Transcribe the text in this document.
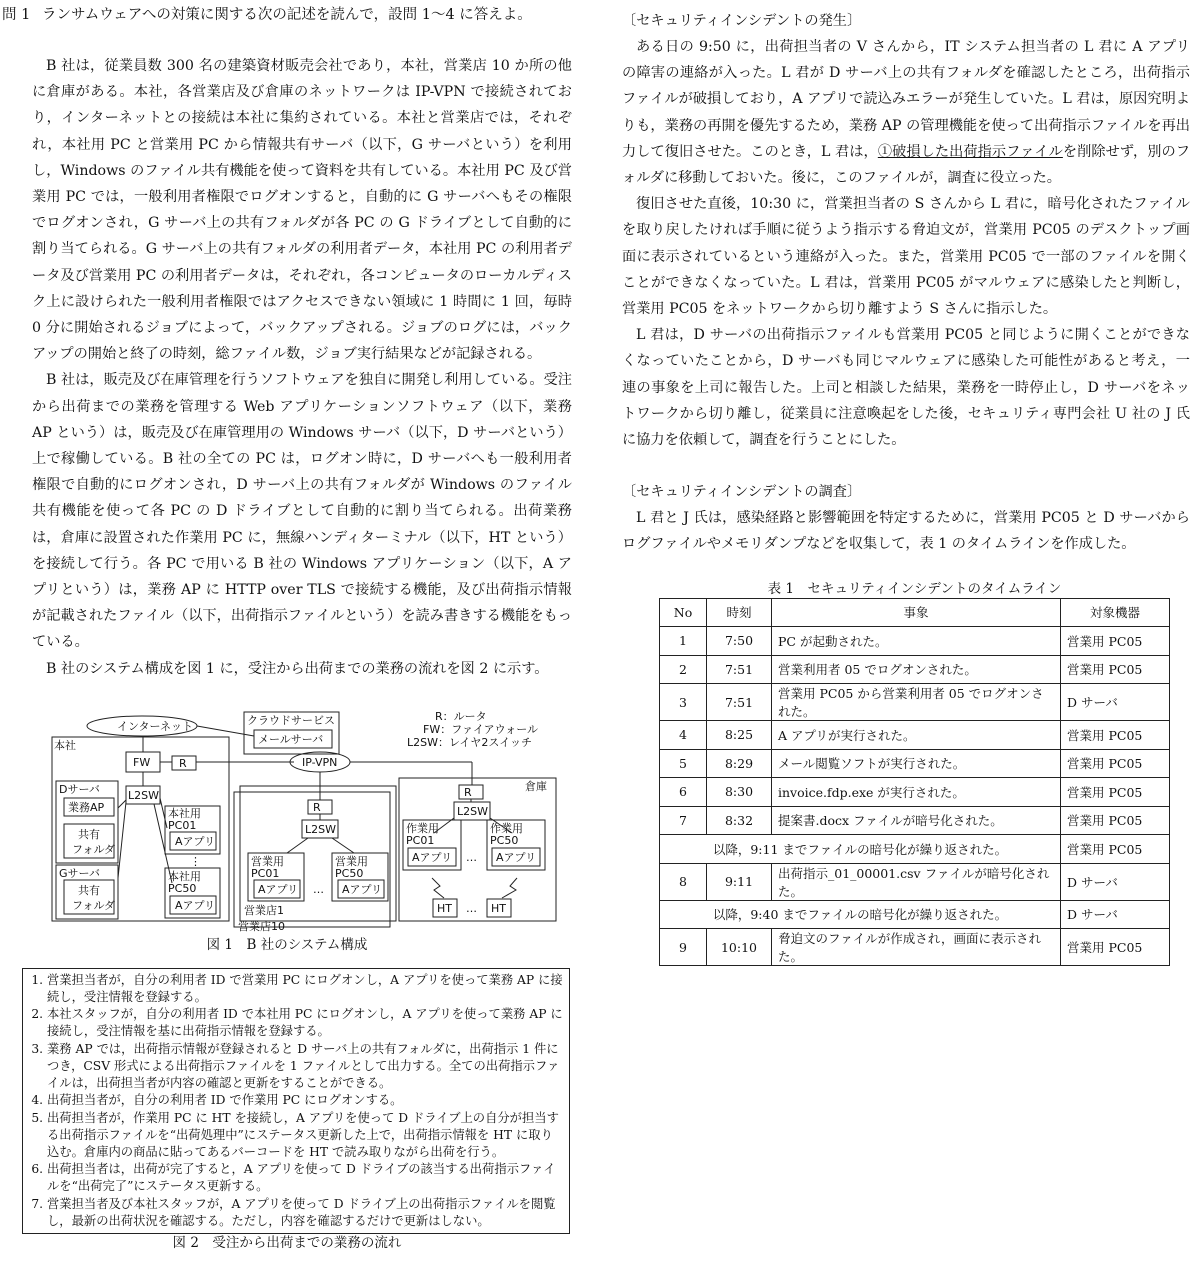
問 1 ランサムウェアへの対策に関する次の記述を読んで，設問 1〜4 に答えよ。

B 社は，従業員数 300 名の建築資材販売会社であり，本社，営業店 10 か所の他に倉庫がある。本社，各営業店及び倉庫のネットワークは IP-VPN で接続されており，インターネットとの接続は本社に集約されている。本社と営業店では，それぞれ，本社用 PC と営業用 PC から情報共有サーバ（以下，G サーバという）を利用し，Windows のファイル共有機能を使って資料を共有している。本社用 PC 及び営業用 PC では，一般利用者権限でログオンすると，自動的に G サーバへもその権限でログオンされ，G サーバ上の共有フォルダが各 PC の G ドライブとして自動的に割り当てられる。G サーバ上の共有フォルダの利用者データ，本社用 PC の利用者データ及び営業用 PC の利用者データは，それぞれ，各コンピュータのローカルディスク上に設けられた一般利用者権限ではアクセスできない領域に 1 時間に 1 回，毎時 0 分に開始されるジョブによって，バックアップされる。ジョブのログには，バックアップの開始と終了の時刻，総ファイル数，ジョブ実行結果などが記録される。

B 社は，販売及び在庫管理を行うソフトウェアを独自に開発し利用している。受注から出荷までの業務を管理する Web アプリケーションソフトウェア（以下，業務 AP という）は，販売及び在庫管理用の Windows サーバ（以下，D サーバという）上で稼働している。B 社の全ての PC は，ログオン時に，D サーバへも一般利用者権限で自動的にログオンされ，D サーバ上の共有フォルダが Windows のファイル共有機能を使って各 PC の D ドライブとして自動的に割り当てられる。出荷業務は，倉庫に設置された作業用 PC に，無線ハンディターミナル（以下，HT という）を接続して行う。各 PC で用いる B 社の Windows アプリケーション（以下，A アプリという）は，業務 AP に HTTP over TLS で接続する機能，及び出荷指示情報が記載されたファイル（以下，出荷指示ファイルという）を読み書きする機能をもっている。

B 社のシステム構成を図 1 に，受注から出荷までの業務の流れを図 2 に示す。

インターネット	クラウドサービス
メールサーバ
R：ルータ
FW：ファイアウォール
L2SW：レイヤ2スイッチ
本社
FW	R	IP-VPN
L2SW
Dサーバ
業務AP
共有
フォルダ
Gサーバ
共有
フォルダ
本社用
PC01
Aアプリ
⋮
本社用
PC50
Aアプリ
R
L2SW
営業用
PC01
Aアプリ …
営業用
PC50
Aアプリ
営業店1
営業店10
倉庫
R
L2SW
作業用
PC01
Aアプリ …
作業用
PC50
Aアプリ
HT … HT
図 1　B 社のシステム構成
1. 営業担当者が，自分の利用者 ID で営業用 PC にログオンし，A アプリを使って業務 AP に接続し，受注情報を登録する。
2. 本社スタッフが，自分の利用者 ID で本社用 PC にログオンし，A アプリを使って業務 AP に接続し，受注情報を基に出荷指示情報を登録する。
3. 業務 AP では，出荷指示情報が登録されると D サーバ上の共有フォルダに，出荷指示 1 件につき，CSV 形式による出荷指示ファイルを 1 ファイルとして出力する。全ての出荷指示ファイルは，出荷担当者が内容の確認と更新をすることができる。
4. 出荷担当者が，自分の利用者 ID で作業用 PC にログオンする。
5. 出荷担当者が，作業用 PC に HT を接続し，A アプリを使って D ドライブ上の自分が担当する出荷指示ファイルを“出荷処理中”にステータス更新した上で，出荷指示情報を HT に取り込む。倉庫内の商品に貼ってあるバーコードを HT で読み取りながら出荷を行う。
6. 出荷担当者は，出荷が完了すると，A アプリを使って D ドライブの該当する出荷指示ファイルを“出荷完了”にステータス更新する。
7. 営業担当者及び本社スタッフが，A アプリを使って D ドライブ上の出荷指示ファイルを閲覧し，最新の出荷状況を確認する。ただし，内容を確認するだけで更新はしない。
図 2　受注から出荷までの業務の流れ

〔セキュリティインシデントの発生〕

ある日の 9:50 に，出荷担当者の V さんから，IT システム担当者の L 君に A アプリの障害の連絡が入った。L 君が D サーバ上の共有フォルダを確認したところ，出荷指示ファイルが破損しており，A アプリで読込みエラーが発生していた。L 君は，原因究明よりも，業務の再開を優先するため，業務 AP の管理機能を使って出荷指示ファイルを再出力して復旧させた。このとき，L 君は，①破損した出荷指示ファイルを削除せず，別のフォルダに移動しておいた。後に，このファイルが，調査に役立った。

復旧させた直後，10:30 に，営業担当者の S さんから L 君に，暗号化されたファイルを取り戻したければ手順に従うよう指示する脅迫文が，営業用 PC05 のデスクトップ画面に表示されているという連絡が入った。また，営業用 PC05 で一部のファイルを開くことができなくなっていた。L 君は，営業用 PC05 がマルウェアに感染したと判断し，営業用 PC05 をネットワークから切り離すよう S さんに指示した。

L 君は，D サーバの出荷指示ファイルも営業用 PC05 と同じように開くことができなくなっていたことから，D サーバも同じマルウェアに感染した可能性があると考え，一連の事象を上司に報告した。上司と相談した結果，業務を一時停止し，D サーバをネットワークから切り離し，従業員に注意喚起をした後，セキュリティ専門会社 U 社の J 氏に協力を依頼して，調査を行うことにした。

〔セキュリティインシデントの調査〕

L 君と J 氏は，感染経路と影響範囲を特定するために，営業用 PC05 と D サーバからログファイルやメモリダンプなどを収集して，表 1 のタイムラインを作成した。

表 1　セキュリティインシデントのタイムライン
No	時刻	事象	対象機器
1	7:50	PC が起動された。	営業用 PC05
2	7:51	営業利用者 05 でログオンされた。	営業用 PC05
3	7:51	営業用 PC05 から営業利用者 05 でログオンされた。	D サーバ
4	8:25	A アプリが実行された。	営業用 PC05
5	8:29	メール閲覧ソフトが実行された。	営業用 PC05
6	8:30	invoice.fdp.exe が実行された。	営業用 PC05
7	8:32	提案書.docx ファイルが暗号化された。	営業用 PC05
以降，9:11 までファイルの暗号化が繰り返された。			営業用 PC05
8	9:11	出荷指示_01_00001.csv ファイルが暗号化された。	D サーバ
以降，9:40 までファイルの暗号化が繰り返された。			D サーバ
9	10:10	脅迫文のファイルが作成され，画面に表示された。	営業用 PC05
